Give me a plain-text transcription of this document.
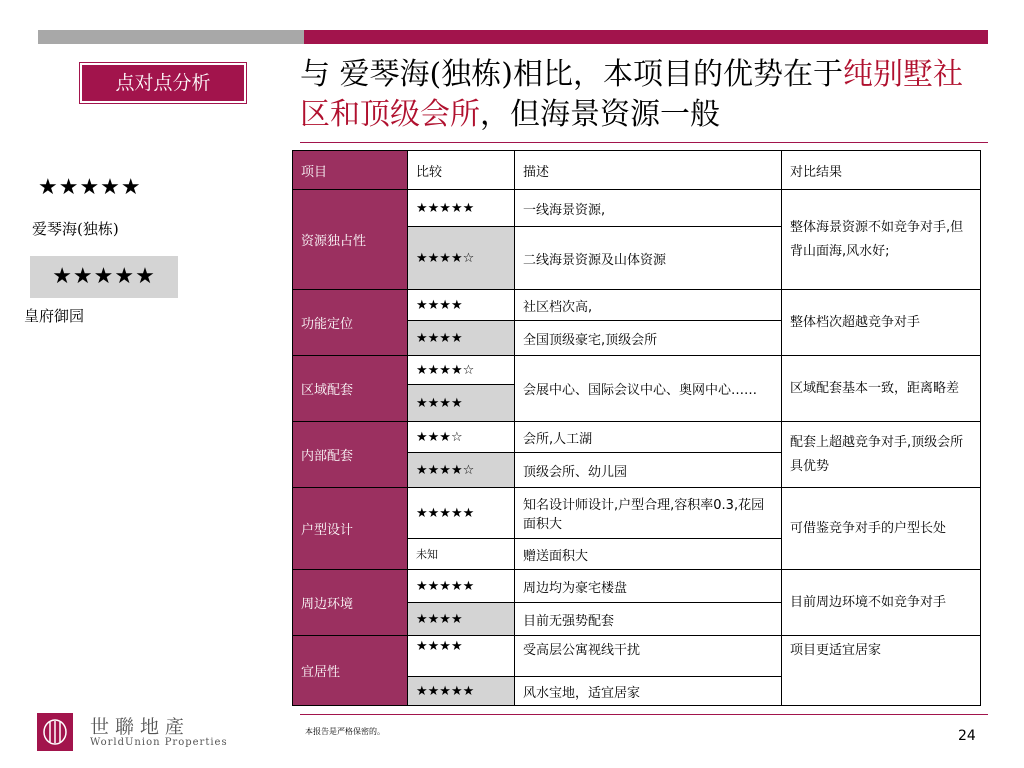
点对点分析	与 爱琴海(独栋)相比，本项目的优势在于纯别墅社区和顶级会所，但海景资源一般
★★★★★
爱琴海(独栋)
★★★★★
皇府御园
项目	比较	描述	对比结果
资源独占性	★★★★★	一线海景资源,	整体海景资源不如竞争对手,但背山面海,风水好;
	★★★★☆	二线海景资源及山体资源	
功能定位	★★★★	社区档次高,	整体档次超越竞争对手
	★★★★	全国顶级豪宅,顶级会所	
区域配套	★★★★☆	会展中心、国际会议中心、奥网中心……	区域配套基本一致，距离略差
	★★★★		
内部配套	★★★☆	会所,人工湖	配套上超越竞争对手,顶级会所具优势
	★★★★☆	顶级会所、幼儿园	
户型设计	★★★★★	知名设计师设计,户型合理,容积率0.3,花园面积大	可借鉴竞争对手的户型长处
	未知	赠送面积大	
周边环境	★★★★★	周边均为豪宅楼盘	目前周边环境不如竞争对手
	★★★★	目前无强势配套	
宜居性	★★★★	受高层公寓视线干扰	项目更适宜居家
	★★★★★	风水宝地，适宜居家	
本报告是严格保密的。	24
世聯地產
WorldUnion Properties
